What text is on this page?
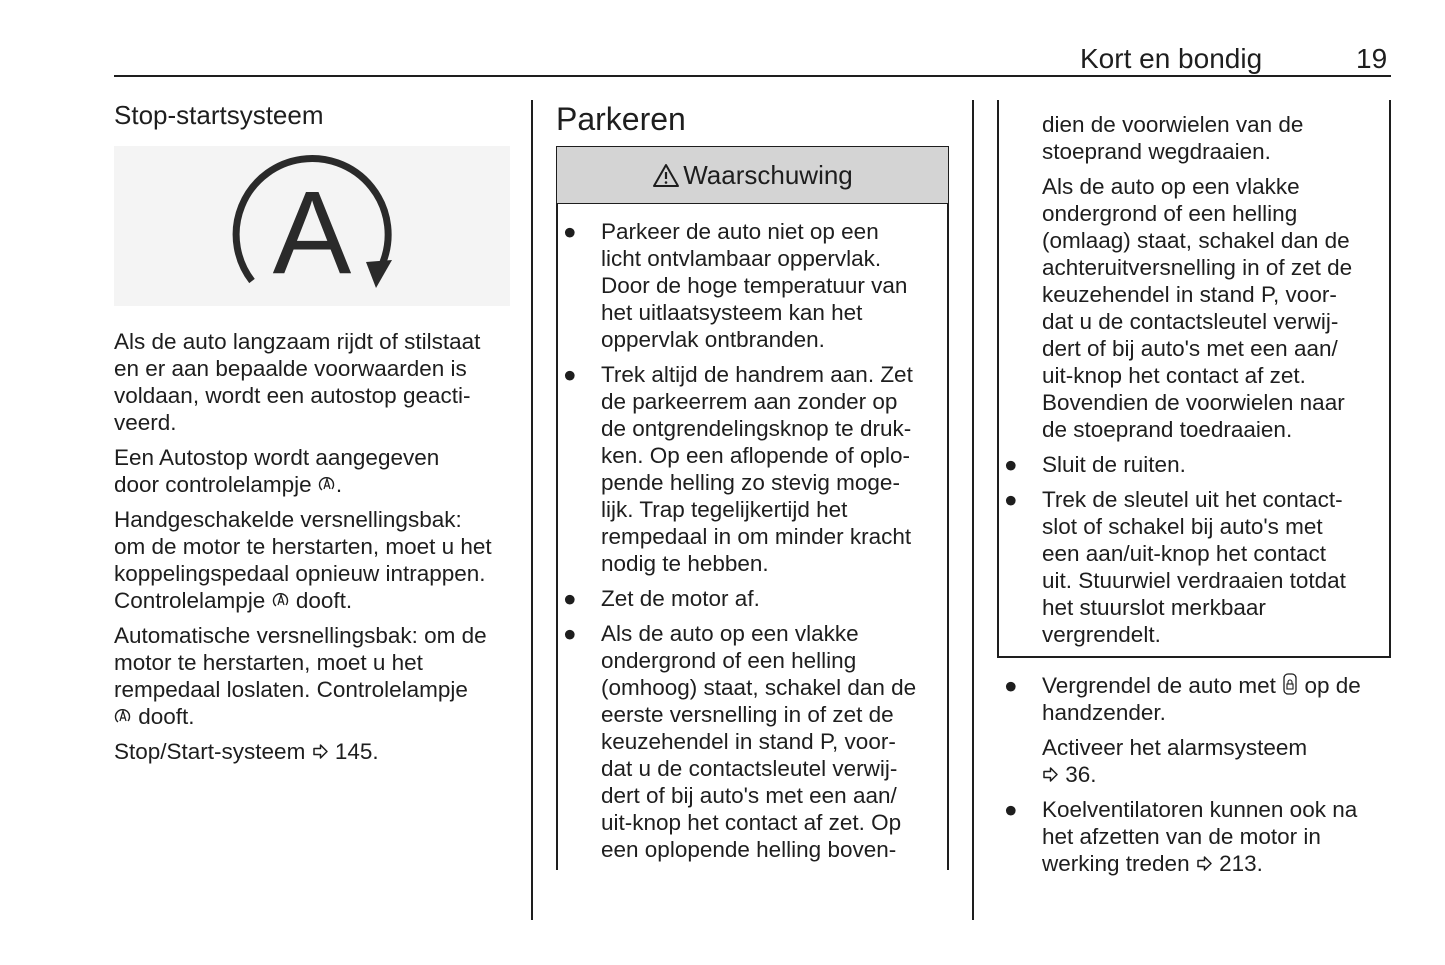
Kort en bondig	19
Stop-startsysteem
A

Als de auto langzaam rijdt of stilstaat
en er aan bepaalde voorwaarden is
voldaan, wordt een autostop geacti-
veerd.

Een Autostop wordt aangegeven
door controlelampje .

Handgeschakelde versnellingsbak:
om de motor te herstarten, moet u het
koppelingspedaal opnieuw intrappen.
Controlelampje dooft.

Automatische versnellingsbak: om de
motor te herstarten, moet u het
rempedaal loslaten. Controlelampje
dooft.

Stop/Start-systeem 145.

Parkeren
Waarschuwing
● Parkeer de auto niet op een
licht ontvlambaar oppervlak.
Door de hoge temperatuur van
het uitlaatsysteem kan het
oppervlak ontbranden.
● Trek altijd de handrem aan. Zet
de parkeerrem aan zonder op
de ontgrendelingsknop te druk-
ken. Op een aflopende of oplo-
pende helling zo stevig moge-
lijk. Trap tegelijkertijd het
rempedaal in om minder kracht
nodig te hebben.
● Zet de motor af.
● Als de auto op een vlakke
ondergrond of een helling
(omhoog) staat, schakel dan de
eerste versnelling in of zet de
keuzehendel in stand P, voor-
dat u de contactsleutel verwij-
dert of bij auto's met een aan/
uit-knop het contact af zet. Op
een oplopende helling boven-
dien de voorwielen van de
stoeprand wegdraaien.
Als de auto op een vlakke
ondergrond of een helling
(omlaag) staat, schakel dan de
achteruitversnelling in of zet de
keuzehendel in stand P, voor-
dat u de contactsleutel verwij-
dert of bij auto's met een aan/
uit-knop het contact af zet.
Bovendien de voorwielen naar
de stoeprand toedraaien.
● Sluit de ruiten.
● Trek de sleutel uit het contact-
slot of schakel bij auto's met
een aan/uit-knop het contact
uit. Stuurwiel verdraaien totdat
het stuurslot merkbaar
vergrendelt.
● Vergrendel de auto met op de
handzender.
Activeer het alarmsysteem
36.
● Koelventilatoren kunnen ook na
het afzetten van de motor in
werking treden 213.
